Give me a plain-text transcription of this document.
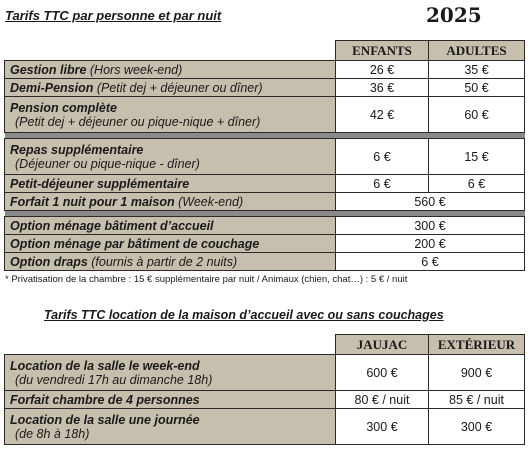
Tarifs TTC par personne et par nuit	2025
	ENFANTS	ADULTES
Gestion libre (Hors week-end)	26 €	35 €
Demi-Pension (Petit dej + déjeuner ou dîner)	36 €	50 €
Pension complète
(Petit dej + déjeuner ou pique-nique + dîner)	42 €	60 €

Repas supplémentaire
(Déjeuner ou pique-nique - dîner)	6 €	15 €
Petit-déjeuner supplémentaire	6 €	6 €
Forfait 1 nuit pour 1 maison (Week-end)	560 €	

Option ménage bâtiment d’accueil	300 €	
Option ménage par bâtiment de couchage	200 €	
Option draps (fournis à partir de 2 nuits)	6 €	
* Privatisation de la chambre : 15 € supplémentaire par nuit / Animaux (chien, chat…) : 5 € / nuit
Tarifs TTC location de la maison d’accueil avec ou sans couchages
	JAUJAC	EXTÉRIEUR
Location de la salle le week-end
(du vendredi 17h au dimanche 18h)	600 €	900 €
Forfait chambre de 4 personnes	80 € / nuit	85 € / nuit
Location de la salle une journée
(de 8h à 18h)	300 €	300 €
